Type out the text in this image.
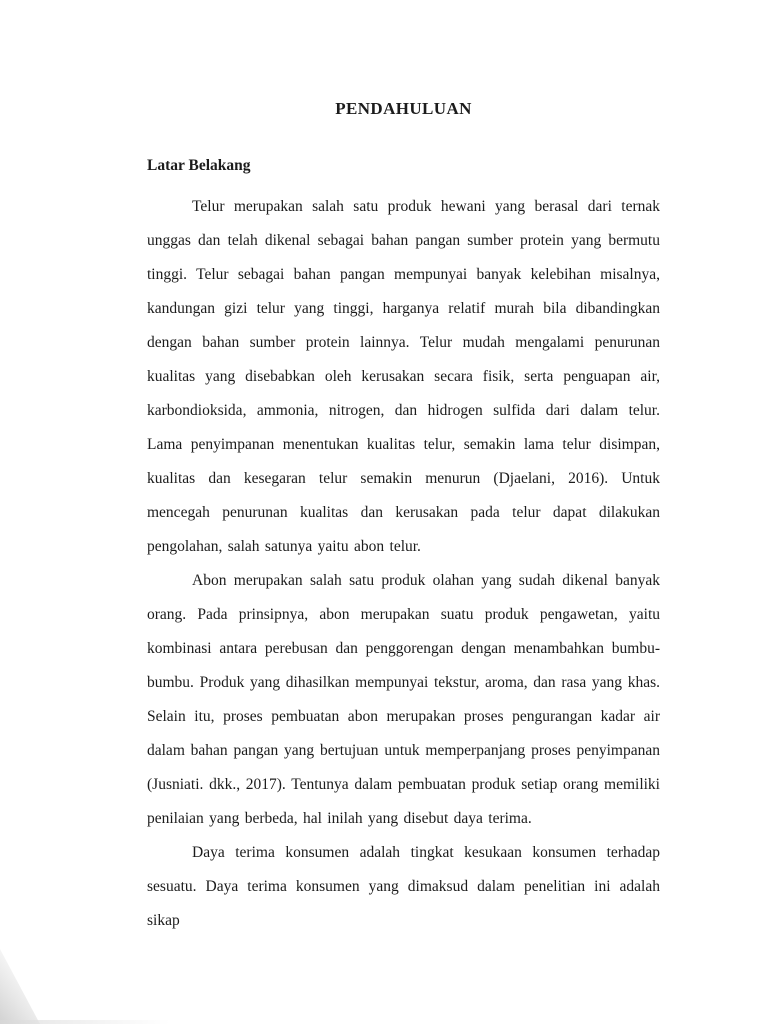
PENDAHULUAN
Latar Belakang

Telur merupakan salah satu produk hewani yang berasal dari ternak unggas dan telah dikenal sebagai bahan pangan sumber protein yang bermutu tinggi. Telur sebagai bahan pangan mempunyai banyak kelebihan misalnya, kandungan gizi telur yang tinggi, harganya relatif murah bila dibandingkan dengan bahan sumber protein lainnya. Telur mudah mengalami penurunan kualitas yang disebabkan oleh kerusakan secara fisik, serta penguapan air, karbondioksida, ammonia, nitrogen, dan hidrogen sulfida dari dalam telur. Lama penyimpanan menentukan kualitas telur, semakin lama telur disimpan, kualitas dan kesegaran telur semakin menurun (Djaelani, 2016). Untuk mencegah penurunan kualitas dan kerusakan pada telur dapat dilakukan pengolahan, salah satunya yaitu abon telur.

Abon merupakan salah satu produk olahan yang sudah dikenal banyak orang. Pada prinsipnya, abon merupakan suatu produk pengawetan, yaitu kombinasi antara perebusan dan penggorengan dengan menambahkan bumbu-bumbu. Produk yang dihasilkan mempunyai tekstur, aroma, dan rasa yang khas. Selain itu, proses pembuatan abon merupakan proses pengurangan kadar air dalam bahan pangan yang bertujuan untuk memperpanjang proses penyimpanan (Jusniati. dkk., 2017). Tentunya dalam pembuatan produk setiap orang memiliki penilaian yang berbeda, hal inilah yang disebut daya terima.

Daya terima konsumen adalah tingkat kesukaan konsumen terhadap sesuatu. Daya terima konsumen yang dimaksud dalam penelitian ini adalah sikap
